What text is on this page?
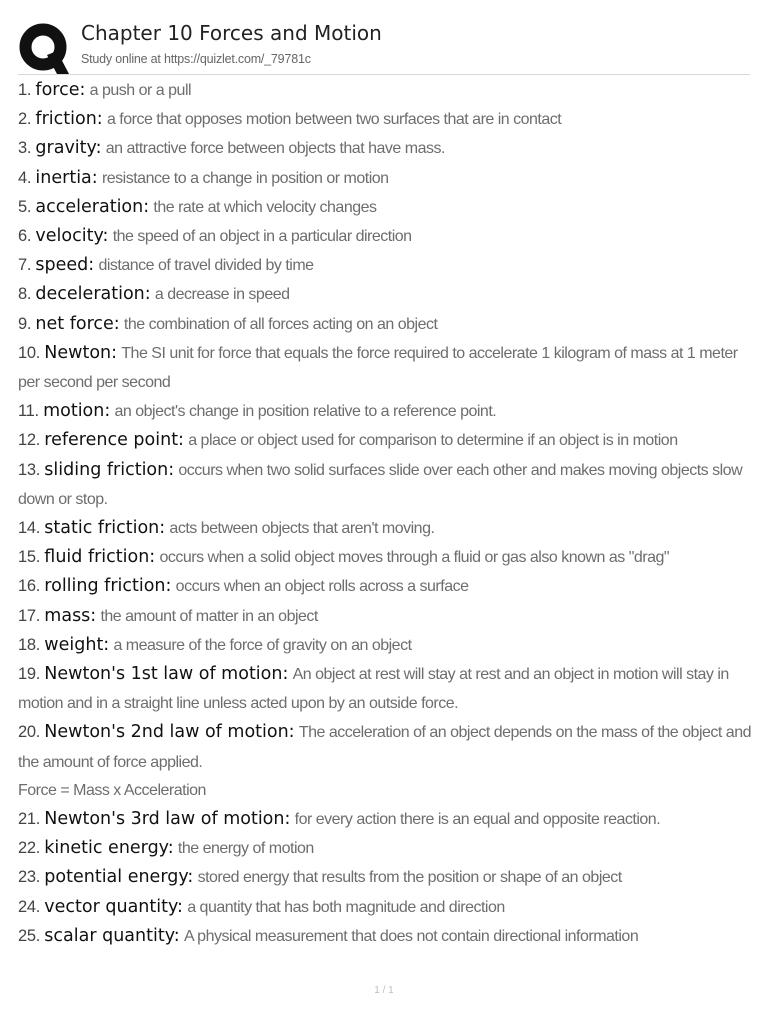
Chapter 10 Forces and Motion
Study online at https://quizlet.com/_79781c
1. force: a push or a pull
2. friction: a force that opposes motion between two surfaces that are in contact
3. gravity: an attractive force between objects that have mass.
4. inertia: resistance to a change in position or motion
5. acceleration: the rate at which velocity changes
6. velocity: the speed of an object in a particular direction
7. speed: distance of travel divided by time
8. deceleration: a decrease in speed
9. net force: the combination of all forces acting on an object
10. Newton: The SI unit for force that equals the force required to accelerate 1 kilogram of mass at 1 meter per second per second
11. motion: an object's change in position relative to a reference point.
12. reference point: a place or object used for comparison to determine if an object is in motion
13. sliding friction: occurs when two solid surfaces slide over each other and makes moving objects slow down or stop.
14. static friction: acts between objects that aren't moving.
15. fluid friction: occurs when a solid object moves through a fluid or gas also known as "drag"
16. rolling friction: occurs when an object rolls across a surface
17. mass: the amount of matter in an object
18. weight: a measure of the force of gravity on an object
19. Newton's 1st law of motion: An object at rest will stay at rest and an object in motion will stay in motion and in a straight line unless acted upon by an outside force.
20. Newton's 2nd law of motion: The acceleration of an object depends on the mass of the object and the amount of force applied.
Force = Mass x Acceleration
21. Newton's 3rd law of motion: for every action there is an equal and opposite reaction.
22. kinetic energy: the energy of motion
23. potential energy: stored energy that results from the position or shape of an object
24. vector quantity: a quantity that has both magnitude and direction
25. scalar quantity: A physical measurement that does not contain directional information
1 / 1
